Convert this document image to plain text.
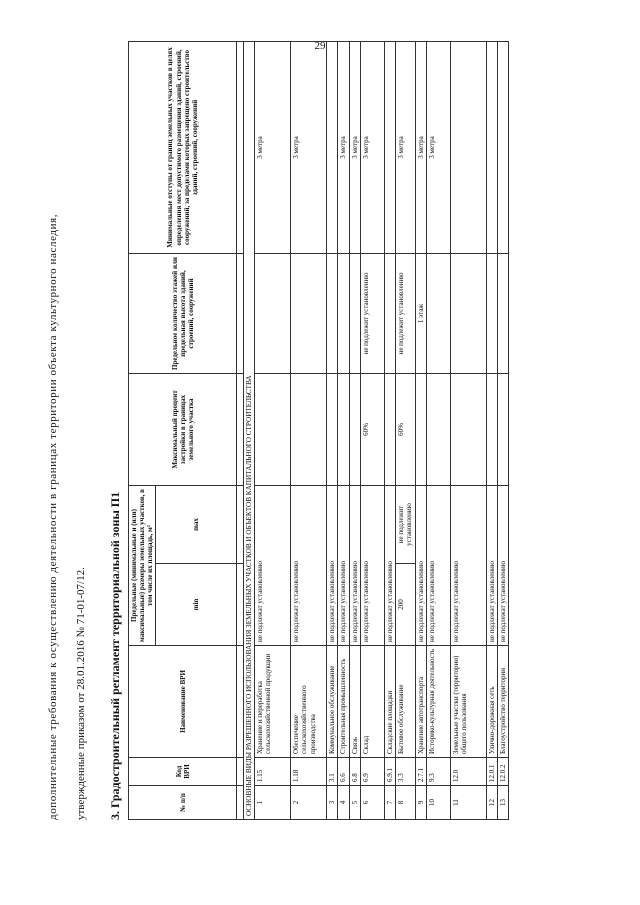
29
дополнительные требования к осуществлению деятельности в границах территории объекта культурного наследия, утвержденные приказом от 28.01.2016 № 71-01-07/12. 3. Градостроительный регламент территориальной зоны П1	№ п/п	Код ВРИ	Наименование ВРИ	Предельные (минимальные и (или) максимальные) размеры земельных участков, в том числе их площадь, м²		Максимальный процент застройки в границах земельного участка	Предельное количество этажей или предельная высота зданий, строений, сооружений	Минимальные отступы от границ земельных участков в целях определения мест допустимого размещения зданий, строений, сооружений, за пределами которых запрещено строительство зданий, строений, сооружений
			min	max			

ОСНОВНЫЕ ВИДЫ РАЗРЕШЕННОГО ИСПОЛЬЗОВАНИЯ ЗЕМЕЛЬНЫХ УЧАСТКОВ И ОБЪЕКТОВ КАПИТАЛЬНОГО СТРОИТЕЛЬСТВА							
1	1.15	Хранение и переработка сельскохозяйственной продукции	не подлежат установлению				3 метра
2	1.18	Обеспечение сельскохозяйственного производства	не подлежат установлению				3 метра
3	3.1	Коммунальное обслуживание	не подлежат установлению				
4	6.6	Строительная промышленность	не подлежат установлению				3 метра
5	6.8	Связь	не подлежат установлению				3 метра
6	6.9	Склад	не подлежат установлению		60%	не подлежит установлению	3 метра
7	6.9.1	Складские площадки	не подлежат установлению				
8	3.3	Бытовое обслуживание	200	не подлежит установлению	60%	не подлежит установлению	3 метра
9	2.7.1	Хранение автотранспорта	не подлежат установлению			1 этаж	3 метра
10	9.3	Историко-культурная деятельность	не подлежат установлению				3 метра
11	12.0	Земельные участки (территории) общего пользования	не подлежат установлению				
12	12.0.1	Улично-дорожная сеть	не подлежат установлению				
13	12.0.2	Благоустройство территории	не подлежат установлению				
